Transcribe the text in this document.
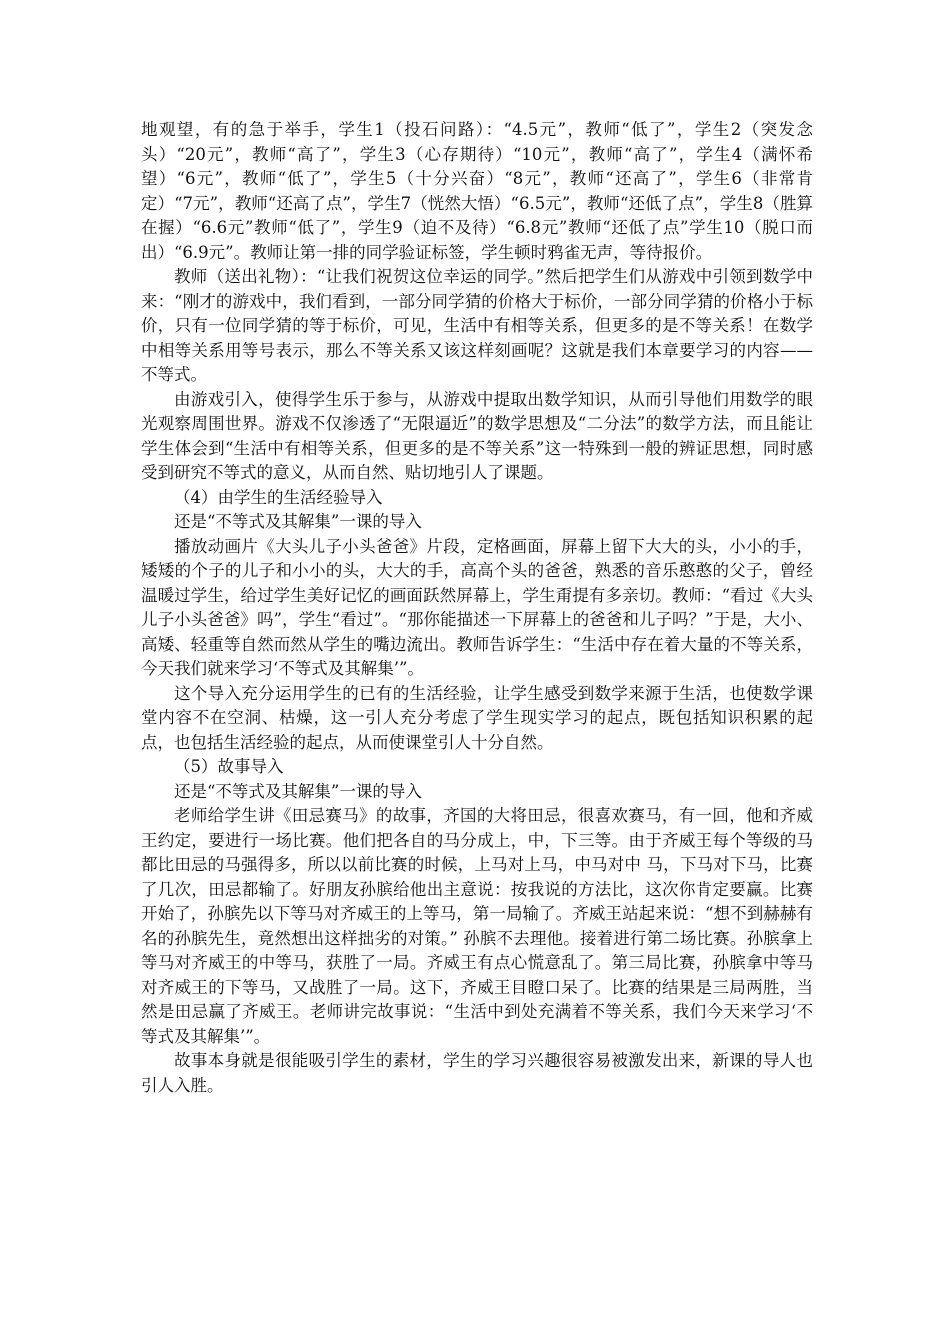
地观望，有的急于举手，学生1（投石问路）：“4.5元”，教师“低了”，学生2（突发念头）“20元”，教师“高了”，学生3（心存期待）“10元”，教师“高了”，学生4（满怀希望）“6元”，教师“低了”，学生5（十分兴奋）“8元”，教师“还高了”，学生6（非常肯定）“7元”，教师“还高了点”，学生7（恍然大悟）“6.5元”，教师“还低了点”，学生8（胜算在握）“6.6元”教师“低了”，学生9（迫不及待）“6.8元”教师“还低了点”学生10（脱口而出）“6.9元”。教师让第一排的同学验证标签，学生顿时鸦雀无声，等待报价。

教师（送出礼物）：“让我们祝贺这位幸运的同学。”然后把学生们从游戏中引领到数学中来：“刚才的游戏中，我们看到，一部分同学猜的价格大于标价，一部分同学猜的价格小于标价，只有一位同学猜的等于标价，可见，生活中有相等关系，但更多的是不等关系！在数学中相等关系用等号表示，那么不等关系又该这样刻画呢？这就是我们本章要学习的内容——不等式。

由游戏引入，使得学生乐于参与，从游戏中提取出数学知识，从而引导他们用数学的眼光观察周围世界。游戏不仅渗透了“无限逼近”的数学思想及“二分法”的数学方法，而且能让学生体会到“生活中有相等关系，但更多的是不等关系”这一特殊到一般的辨证思想，同时感受到研究不等式的意义，从而自然、贴切地引人了课题。

（4）由学生的生活经验导入

还是“不等式及其解集”一课的导入

播放动画片《大头儿子小头爸爸》片段，定格画面，屏幕上留下大大的头，小小的手，矮矮的个子的儿子和小小的头，大大的手，高高个头的爸爸，熟悉的音乐憨憨的父子，曾经温暖过学生，给过学生美好记忆的画面跃然屏幕上，学生甭提有多亲切。教师：“看过《大头儿子小头爸爸》吗”，学生“看过”。“那你能描述一下屏幕上的爸爸和儿子吗？”于是，大小、高矮、轻重等自然而然从学生的嘴边流出。教师告诉学生：“生活中存在着大量的不等关系，今天我们就来学习‘不等式及其解集’”。

这个导入充分运用学生的已有的生活经验，让学生感受到数学来源于生活，也使数学课堂内容不在空洞、枯燥，这一引人充分考虑了学生现实学习的起点，既包括知识积累的起点，也包括生活经验的起点，从而使课堂引人十分自然。

（5）故事导入

还是“不等式及其解集”一课的导入

老师给学生讲《田忌赛马》的故事，齐国的大将田忌，很喜欢赛马，有一回，他和齐威王约定，要进行一场比赛。他们把各自的马分成上，中，下三等。由于齐威王每个等级的马都比田忌的马强得多，所以以前比赛的时候，上马对上马，中马对中 马，下马对下马，比赛了几次，田忌都输了。好朋友孙膑给他出主意说：按我说的方法比，这次你肯定要赢。比赛开始了，孙膑先以下等马对齐威王的上等马，第一局输了。齐威王站起来说：“想不到赫赫有名的孙膑先生，竟然想出这样拙劣的对策。” 孙膑不去理他。接着进行第二场比赛。孙膑拿上等马对齐威王的中等马，获胜了一局。齐威王有点心慌意乱了。第三局比赛，孙膑拿中等马对齐威王的下等马，又战胜了一局。这下，齐威王目瞪口呆了。比赛的结果是三局两胜，当然是田忌赢了齐威王。老师讲完故事说：“生活中到处充满着不等关系，我们今天来学习‘不等式及其解集’”。

故事本身就是很能吸引学生的素材，学生的学习兴趣很容易被激发出来，新课的导人也引人入胜。
